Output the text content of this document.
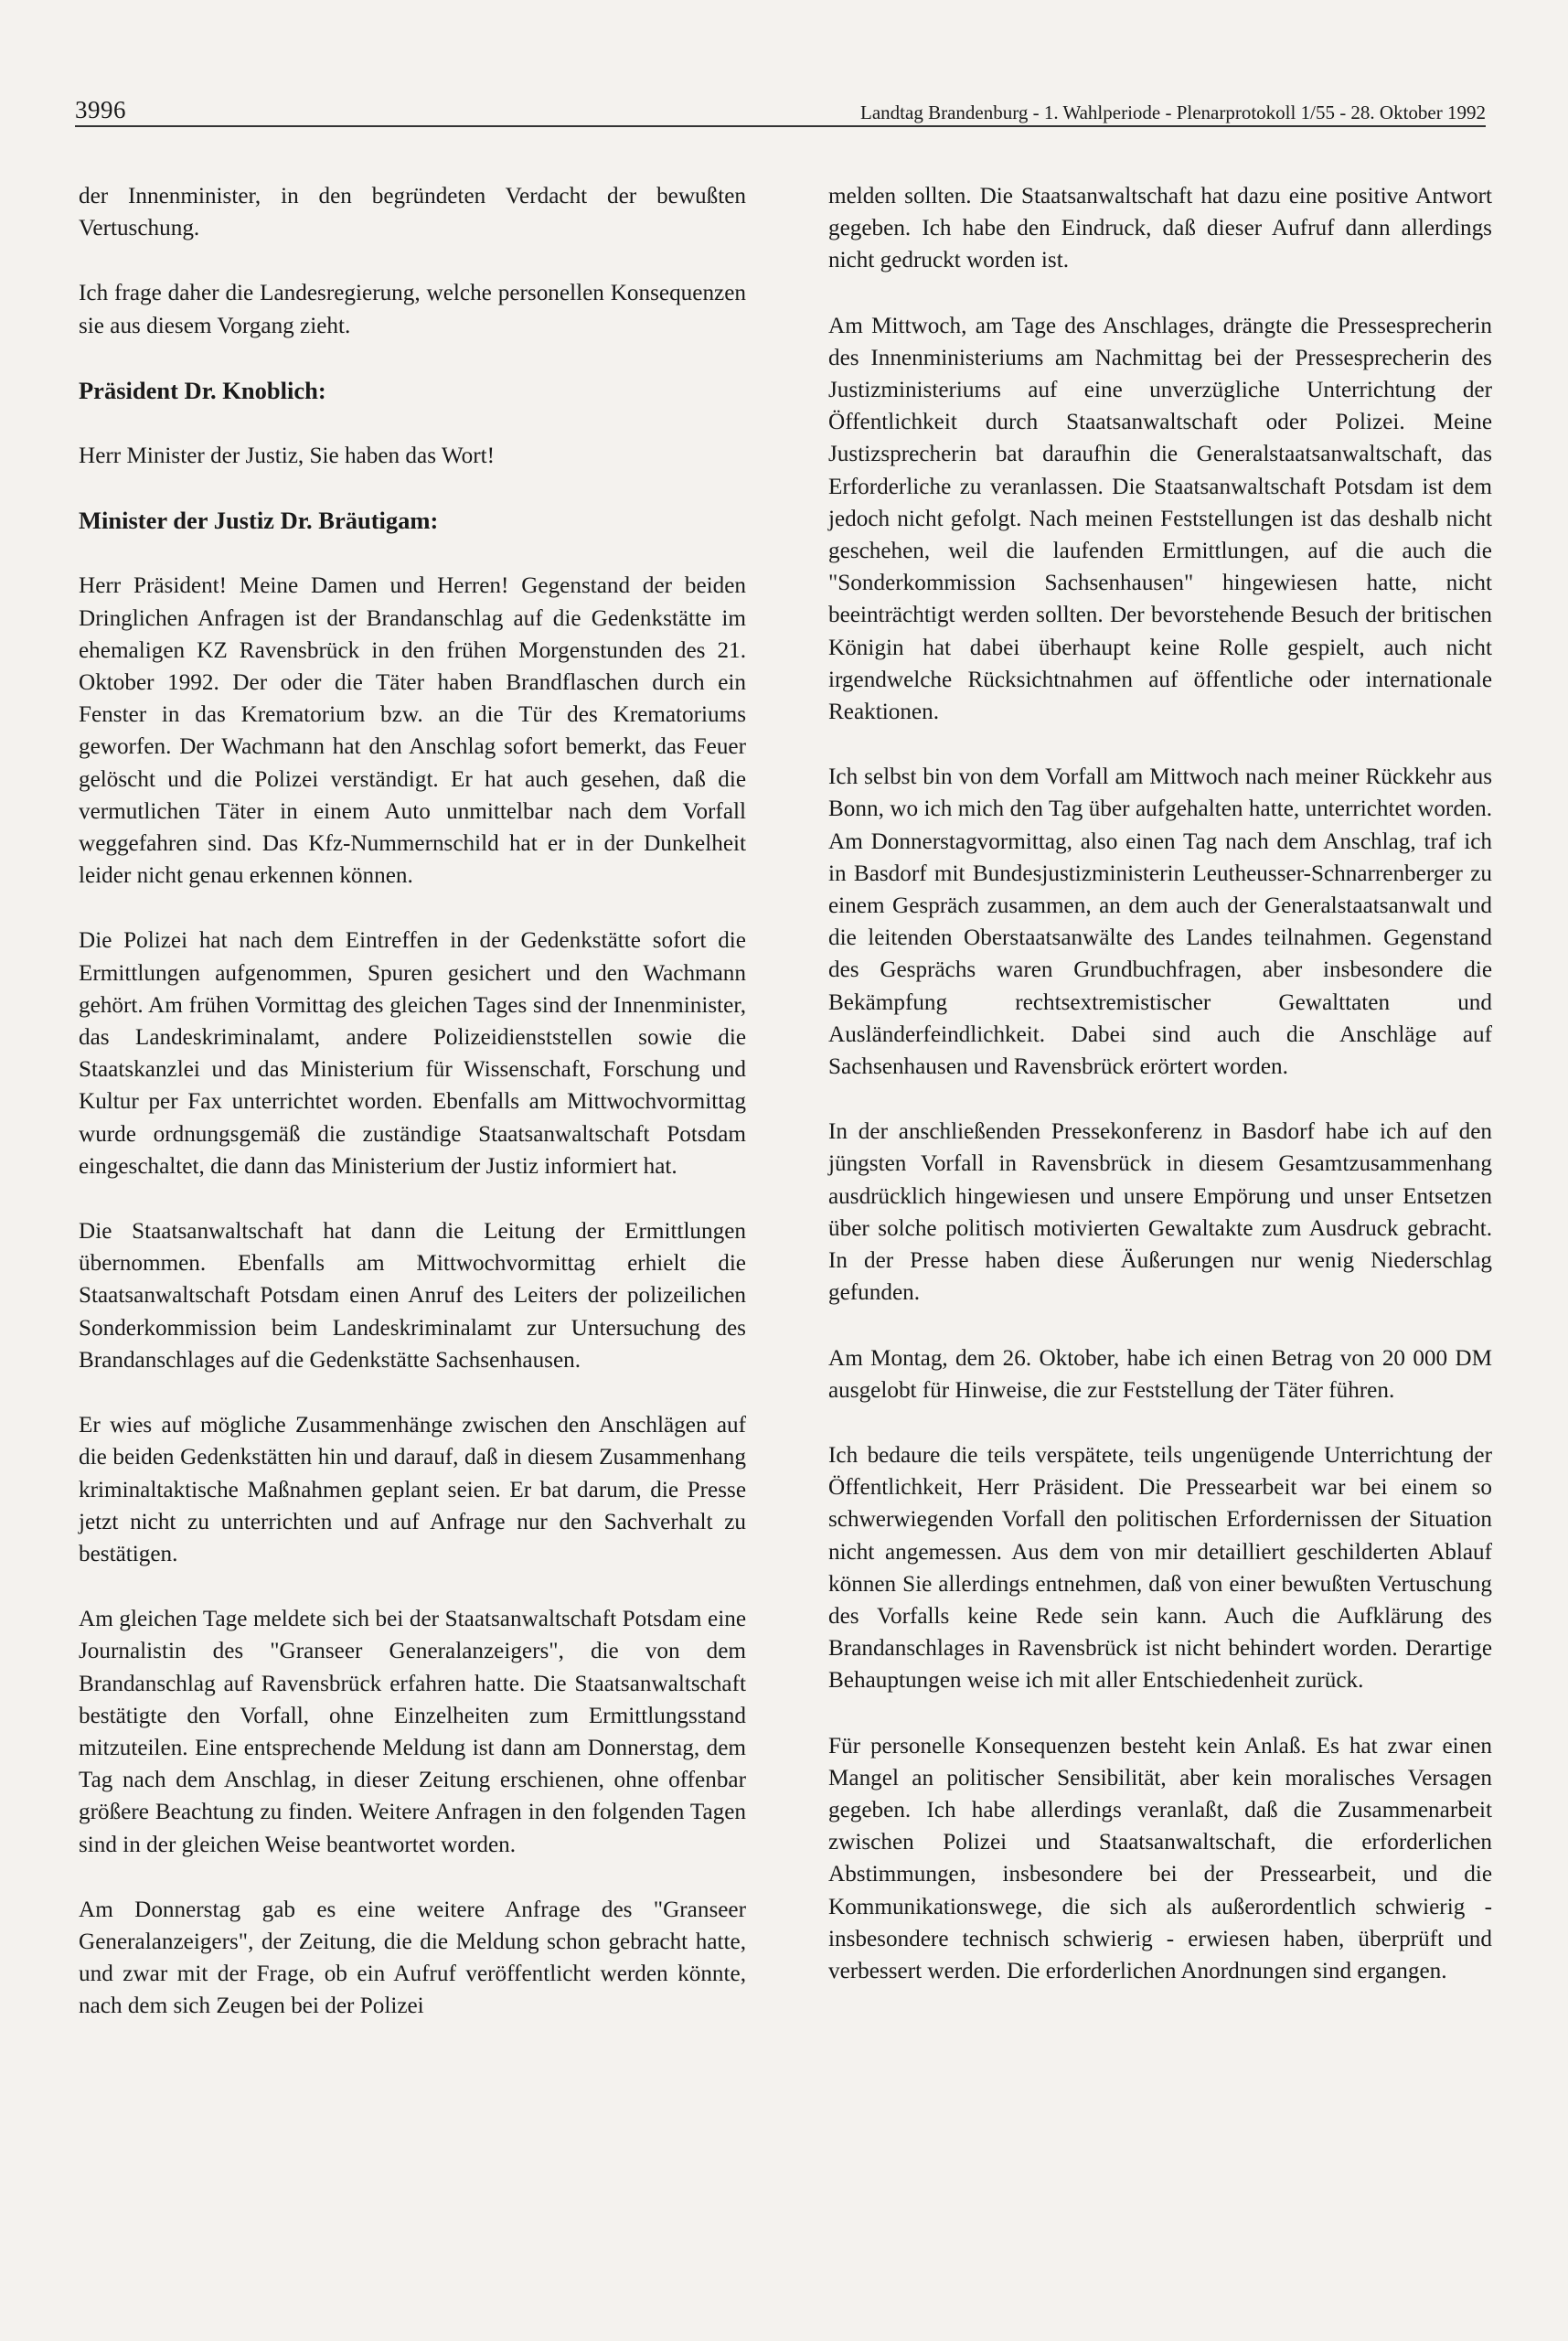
3996	Landtag Brandenburg - 1. Wahlperiode - Plenarprotokoll 1/55 - 28. Oktober 1992

der Innenminister, in den begründeten Verdacht der bewußten Vertuschung.

Ich frage daher die Landesregierung, welche personellen Konsequenzen sie aus diesem Vorgang zieht.

Präsident Dr. Knoblich:

Herr Minister der Justiz, Sie haben das Wort!

Minister der Justiz Dr. Bräutigam:

Herr Präsident! Meine Damen und Herren! Gegenstand der beiden Dringlichen Anfragen ist der Brandanschlag auf die Gedenkstätte im ehemaligen KZ Ravensbrück in den frühen Morgenstunden des 21. Oktober 1992. Der oder die Täter haben Brandflaschen durch ein Fenster in das Krematorium bzw. an die Tür des Krematoriums geworfen. Der Wachmann hat den Anschlag sofort bemerkt, das Feuer gelöscht und die Polizei verständigt. Er hat auch gesehen, daß die vermutlichen Täter in einem Auto unmittelbar nach dem Vorfall weggefahren sind. Das Kfz-Nummernschild hat er in der Dunkelheit leider nicht genau erkennen können.

Die Polizei hat nach dem Eintreffen in der Gedenkstätte sofort die Ermittlungen aufgenommen, Spuren gesichert und den Wachmann gehört. Am frühen Vormittag des gleichen Tages sind der Innenminister, das Landeskriminalamt, andere Polizeidienststellen sowie die Staatskanzlei und das Ministerium für Wissenschaft, Forschung und Kultur per Fax unterrichtet worden. Ebenfalls am Mittwochvormittag wurde ordnungsgemäß die zuständige Staatsanwaltschaft Potsdam eingeschaltet, die dann das Ministerium der Justiz informiert hat.

Die Staatsanwaltschaft hat dann die Leitung der Ermittlungen übernommen. Ebenfalls am Mittwochvormittag erhielt die Staatsanwaltschaft Potsdam einen Anruf des Leiters der polizeilichen Sonderkommission beim Landeskriminalamt zur Untersuchung des Brandanschlages auf die Gedenkstätte Sachsenhausen.

Er wies auf mögliche Zusammenhänge zwischen den Anschlägen auf die beiden Gedenkstätten hin und darauf, daß in diesem Zusammenhang kriminaltaktische Maßnahmen geplant seien. Er bat darum, die Presse jetzt nicht zu unterrichten und auf Anfrage nur den Sachverhalt zu bestätigen.

Am gleichen Tage meldete sich bei der Staatsanwaltschaft Potsdam eine Journalistin des "Granseer Generalanzeigers", die von dem Brandanschlag auf Ravensbrück erfahren hatte. Die Staatsanwaltschaft bestätigte den Vorfall, ohne Einzelheiten zum Ermittlungsstand mitzuteilen. Eine entsprechende Meldung ist dann am Donnerstag, dem Tag nach dem Anschlag, in dieser Zeitung erschienen, ohne offenbar größere Beachtung zu finden. Weitere Anfragen in den folgenden Tagen sind in der gleichen Weise beantwortet worden.

Am Donnerstag gab es eine weitere Anfrage des "Granseer Generalanzeigers", der Zeitung, die die Meldung schon gebracht hatte, und zwar mit der Frage, ob ein Aufruf veröffentlicht werden könnte, nach dem sich Zeugen bei der Polizei

melden sollten. Die Staatsanwaltschaft hat dazu eine positive Antwort gegeben. Ich habe den Eindruck, daß dieser Aufruf dann allerdings nicht gedruckt worden ist.

Am Mittwoch, am Tage des Anschlages, drängte die Pressesprecherin des Innenministeriums am Nachmittag bei der Pressesprecherin des Justizministeriums auf eine unverzügliche Unterrichtung der Öffentlichkeit durch Staatsanwaltschaft oder Polizei. Meine Justizsprecherin bat daraufhin die Generalstaatsanwaltschaft, das Erforderliche zu veranlassen. Die Staatsanwaltschaft Potsdam ist dem jedoch nicht gefolgt. Nach meinen Feststellungen ist das deshalb nicht geschehen, weil die laufenden Ermittlungen, auf die auch die "Sonderkommission Sachsenhausen" hingewiesen hatte, nicht beeinträchtigt werden sollten. Der bevorstehende Besuch der britischen Königin hat dabei überhaupt keine Rolle gespielt, auch nicht irgendwelche Rücksichtnahmen auf öffentliche oder internationale Reaktionen.

Ich selbst bin von dem Vorfall am Mittwoch nach meiner Rückkehr aus Bonn, wo ich mich den Tag über aufgehalten hatte, unterrichtet worden. Am Donnerstagvormittag, also einen Tag nach dem Anschlag, traf ich in Basdorf mit Bundesjustizministerin Leutheusser-Schnarrenberger zu einem Gespräch zusammen, an dem auch der Generalstaatsanwalt und die leitenden Oberstaatsanwälte des Landes teilnahmen. Gegenstand des Gesprächs waren Grundbuchfragen, aber insbesondere die Bekämpfung rechtsextremistischer Gewalttaten und Ausländerfeindlichkeit. Dabei sind auch die Anschläge auf Sachsenhausen und Ravensbrück erörtert worden.

In der anschließenden Pressekonferenz in Basdorf habe ich auf den jüngsten Vorfall in Ravensbrück in diesem Gesamtzusammenhang ausdrücklich hingewiesen und unsere Empörung und unser Entsetzen über solche politisch motivierten Gewaltakte zum Ausdruck gebracht. In der Presse haben diese Äußerungen nur wenig Niederschlag gefunden.

Am Montag, dem 26. Oktober, habe ich einen Betrag von 20 000 DM ausgelobt für Hinweise, die zur Feststellung der Täter führen.

Ich bedaure die teils verspätete, teils ungenügende Unterrichtung der Öffentlichkeit, Herr Präsident. Die Pressearbeit war bei einem so schwerwiegenden Vorfall den politischen Erfordernissen der Situation nicht angemessen. Aus dem von mir detailliert geschilderten Ablauf können Sie allerdings entnehmen, daß von einer bewußten Vertuschung des Vorfalls keine Rede sein kann. Auch die Aufklärung des Brandanschlages in Ravensbrück ist nicht behindert worden. Derartige Behauptungen weise ich mit aller Entschiedenheit zurück.

Für personelle Konsequenzen besteht kein Anlaß. Es hat zwar einen Mangel an politischer Sensibilität, aber kein moralisches Versagen gegeben. Ich habe allerdings veranlaßt, daß die Zusammenarbeit zwischen Polizei und Staatsanwaltschaft, die erforderlichen Abstimmungen, insbesondere bei der Pressearbeit, und die Kommunikationswege, die sich als außerordentlich schwierig - insbesondere technisch schwierig - erwiesen haben, überprüft und verbessert werden. Die erforderlichen Anordnungen sind ergangen.
